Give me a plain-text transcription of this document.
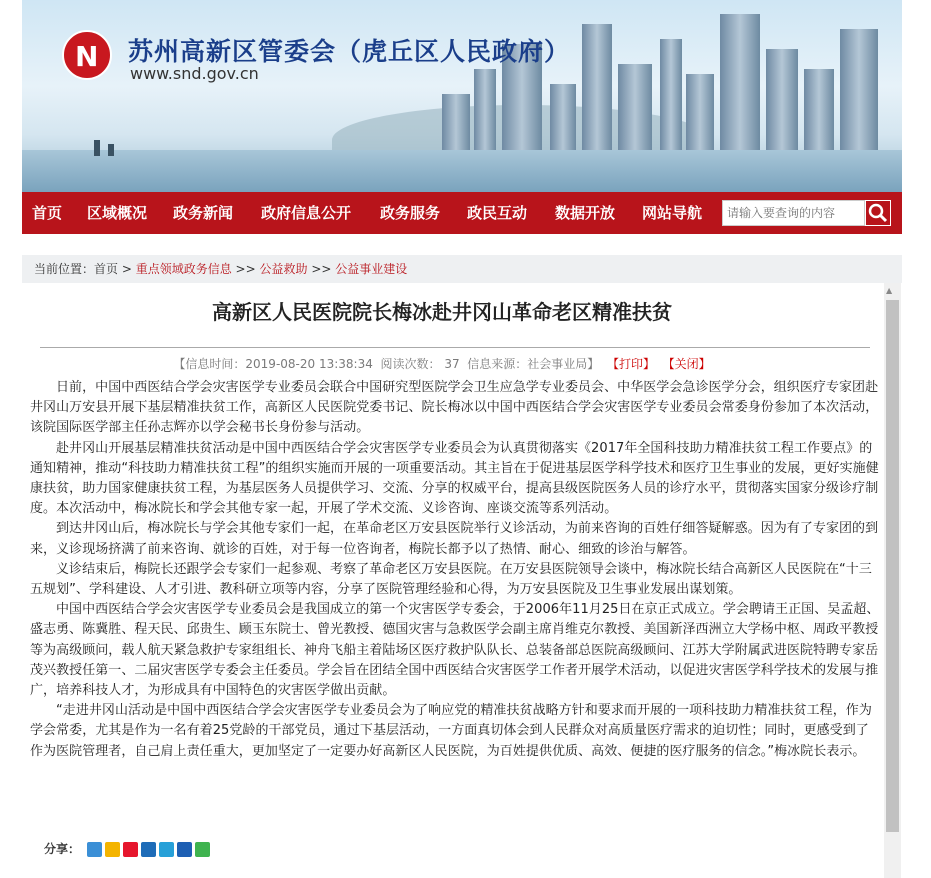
N 苏州高新区管委会（虎丘区人民政府）
www.snd.gov.cn
首页 区域概况 政务新闻 政府信息公开 政务服务 政民互动 数据开放 网站导航
请输入要查询的内容
当前位置：首页 > 重点领域政务信息 >> 公益救助 >> 公益事业建设
▲
高新区人民医院院长梅冰赴井冈山革命老区精准扶贫
【信息时间：2019-08-20 13:38:34 阅读次数： 37 信息来源：社会事业局】 【打印】 【关闭】

日前，中国中西医结合学会灾害医学专业委员会联合中国研究型医院学会卫生应急学专业委员会、中华医学会急诊医学分会，组织医疗专家团赴井冈山万安县开展下基层精准扶贫工作，高新区人民医院党委书记、院长梅冰以中国中西医结合学会灾害医学专业委员会常委身份参加了本次活动，该院国际医学部主任孙志辉亦以学会秘书长身份参与活动。

赴井冈山开展基层精准扶贫活动是中国中西医结合学会灾害医学专业委员会为认真贯彻落实《2017年全国科技助力精准扶贫工程工作要点》的通知精神，推动“科技助力精准扶贫工程”的组织实施而开展的一项重要活动。其主旨在于促进基层医学科学技术和医疗卫生事业的发展，更好实施健康扶贫，助力国家健康扶贫工程，为基层医务人员提供学习、交流、分享的权威平台，提高县级医院医务人员的诊疗水平，贯彻落实国家分级诊疗制度。本次活动中，梅冰院长和学会其他专家一起，开展了学术交流、义诊咨询、座谈交流等系列活动。

到达井冈山后，梅冰院长与学会其他专家们一起，在革命老区万安县医院举行义诊活动，为前来咨询的百姓仔细答疑解惑。因为有了专家团的到来，义诊现场挤满了前来咨询、就诊的百姓，对于每一位咨询者，梅院长都予以了热情、耐心、细致的诊治与解答。

义诊结束后，梅院长还跟学会专家们一起参观、考察了革命老区万安县医院。在万安县医院领导会谈中，梅冰院长结合高新区人民医院在“十三五规划”、学科建设、人才引进、教科研立项等内容，分享了医院管理经验和心得，为万安县医院及卫生事业发展出谋划策。

中国中西医结合学会灾害医学专业委员会是我国成立的第一个灾害医学专委会，于2006年11月25日在京正式成立。学会聘请王正国、吴孟超、盛志勇、陈冀胜、程天民、邱贵生、顾玉东院士、曾光教授、德国灾害与急救医学会副主席肖维克尔教授、美国新泽西洲立大学杨中枢、周政平教授等为高级顾问，载人航天紧急救护专家组组长、神舟飞船主着陆场区医疗救护队队长、总装备部总医院高级顾问、江苏大学附属武进医院特聘专家岳茂兴教授任第一、二届灾害医学专委会主任委员。学会旨在团结全国中西医结合灾害医学工作者开展学术活动，以促进灾害医学科学技术的发展与推广，培养科技人才，为形成具有中国特色的灾害医学做出贡献。

“走进井冈山活动是中国中西医结合学会灾害医学专业委员会为了响应党的精准扶贫战略方针和要求而开展的一项科技助力精准扶贫工程，作为学会常委，尤其是作为一名有着25党龄的干部党员，通过下基层活动，一方面真切体会到人民群众对高质量医疗需求的迫切性；同时，更感受到了作为医院管理者，自己肩上责任重大，更加坚定了一定要办好高新区人民医院，为百姓提供优质、高效、便捷的医疗服务的信念。”梅冰院长表示。

分享：
